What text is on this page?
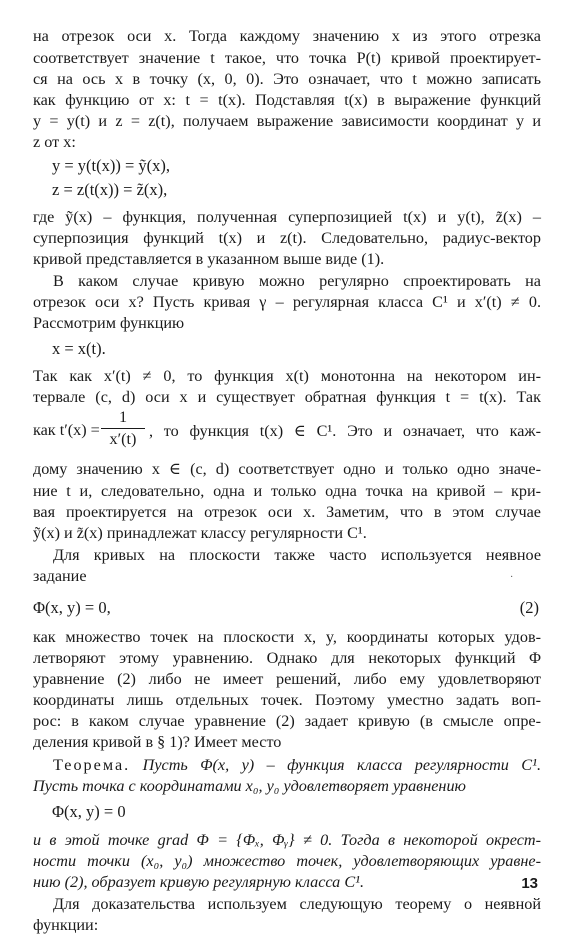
на отрезок оси x. Тогда каждому значению x из этого отрезка
соответствует значение t такое, что точка P(t) кривой проектирует-
ся на ось x в точку (x, 0, 0). Это означает, что t можно записать
как функцию от x: t = t(x). Подставляя t(x) в выражение функций
y = y(t) и z = z(t), получаем выражение зависимости координат y и
z от x:
y = y(t(x)) = ỹ(x),
z = z(t(x)) = z̃(x),
где ỹ(x) – функция, полученная суперпозицией t(x) и y(t), z̃(x) –
суперпозиция функций t(x) и z(t). Следовательно, радиус-вектор
кривой представляется в указанном выше виде (1).
В каком случае кривую можно регулярно спроектировать на
отрезок оси x? Пусть кривая γ – регулярная класса C¹ и x′(t) ≠ 0.
Рассмотрим функцию
x = x(t).
Так как x′(t) ≠ 0, то функция x(t) монотонна на некотором ин-
тервале (c, d) оси x и существует обратная функция t = t(x). Так
как $t'(x) = \frac{1}{x'(t)}$ , то функция t(x) ∈ C¹. Это и означает, что каж-
дому значению x ∈ (c, d) соответствует одно и только одно значе-
ние t и, следовательно, одна и только одна точка на кривой – кри-
вая проектируется на отрезок оси x. Заметим, что в этом случае
ỹ(x) и z̃(x) принадлежат классу регулярности C¹.
Для кривых на плоскости также часто используется неявное
задание	·
Φ(x, y) = 0,	(2)
как множество точек на плоскости x, y, координаты которых удов-
летворяют этому уравнению. Однако для некоторых функций Φ
уравнение (2) либо не имеет решений, либо ему удовлетворяют
координаты лишь отдельных точек. Поэтому уместно задать воп-
рос: в каком случае уравнение (2) задает кривую (в смысле опре-
деления кривой в § 1)? Имеет место
Теорема. Пусть Φ(x, y) – функция класса регулярности C¹.
Пусть точка с координатами x₀, y₀ удовлетворяет уравнению
Φ(x, y) = 0
и в этой точке grad Φ = {Φₓ, Φᵧ} ≠ 0. Тогда в некоторой окрест-
ности точки (x₀, y₀) множество точек, удовлетворяющих уравне-
нию (2), образует кривую регулярную класса C¹.
Для доказательства используем следующую теорему о неявной
функции:
13
